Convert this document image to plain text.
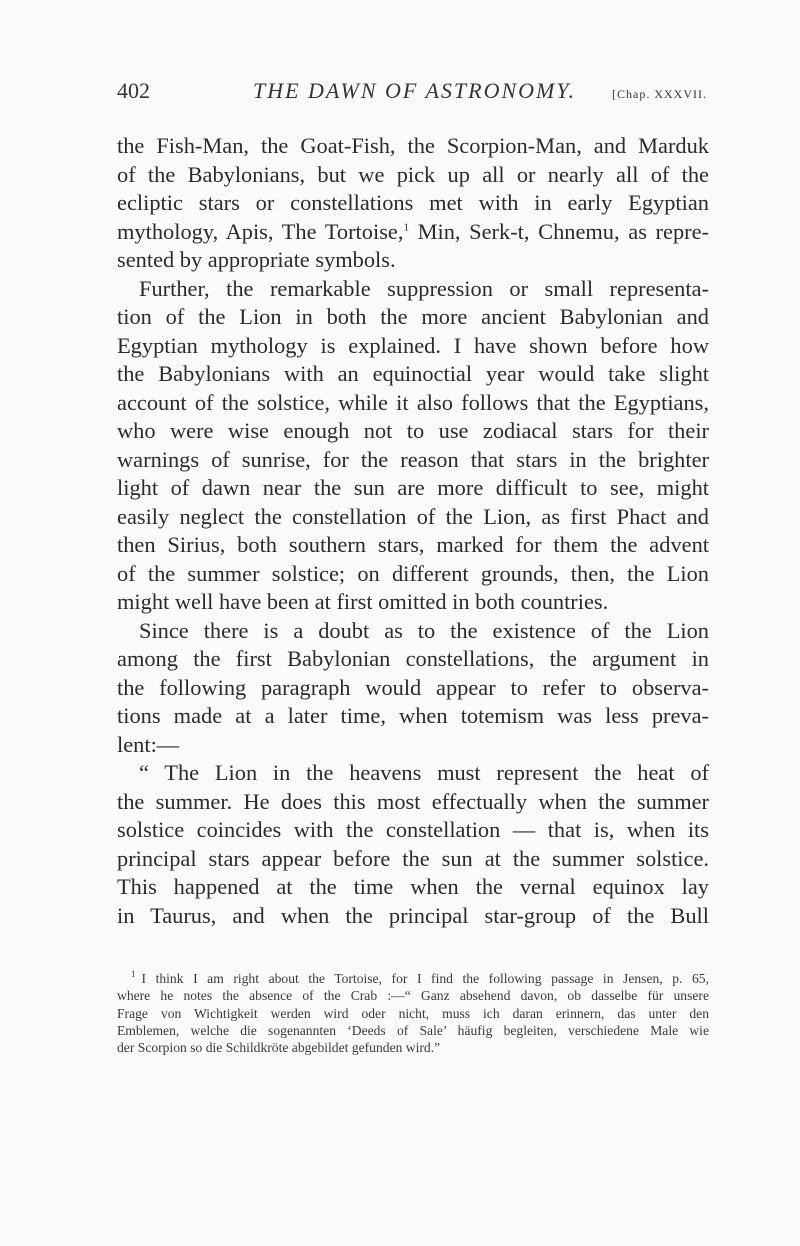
402	THE DAWN OF ASTRONOMY.	[Chap. XXXVII.
the Fish-Man, the Goat-Fish, the Scorpion-Man, and Marduk
of the Babylonians, but we pick up all or nearly all of the
ecliptic stars or constellations met with in early Egyptian
mythology, Apis, The Tortoise,$^1$ Min, Serk-t, Chnemu, as repre-
sented by appropriate symbols.
Further, the remarkable suppression or small representa-
tion of the Lion in both the more ancient Babylonian and
Egyptian mythology is explained. I have shown before how
the Babylonians with an equinoctial year would take slight
account of the solstice, while it also follows that the Egyptians,
who were wise enough not to use zodiacal stars for their
warnings of sunrise, for the reason that stars in the brighter
light of dawn near the sun are more difficult to see, might
easily neglect the constellation of the Lion, as first Phact and
then Sirius, both southern stars, marked for them the advent
of the summer solstice; on different grounds, then, the Lion
might well have been at first omitted in both countries.
Since there is a doubt as to the existence of the Lion
among the first Babylonian constellations, the argument in
the following paragraph would appear to refer to observa-
tions made at a later time, when totemism was less preva-
lent:—
“ The Lion in the heavens must represent the heat of
the summer. He does this most effectually when the summer
solstice coincides with the constellation — that is, when its
principal stars appear before the sun at the summer solstice.
This happened at the time when the vernal equinox lay
in Taurus, and when the principal star-group of the Bull
$^1$ I think I am right about the Tortoise, for I find the following passage in Jensen, p. 65,
where he notes the absence of the Crab :—“ Ganz absehend davon, ob dasselbe für unsere
Frage von Wichtigkeit werden wird oder nicht, muss ich daran erinnern, das unter den
Emblemen, welche die sogenannten ‘Deeds of Sale’ häufig begleiten, verschiedene Male wie
der Scorpion so die Schildkröte abgebildet gefunden wird.”
